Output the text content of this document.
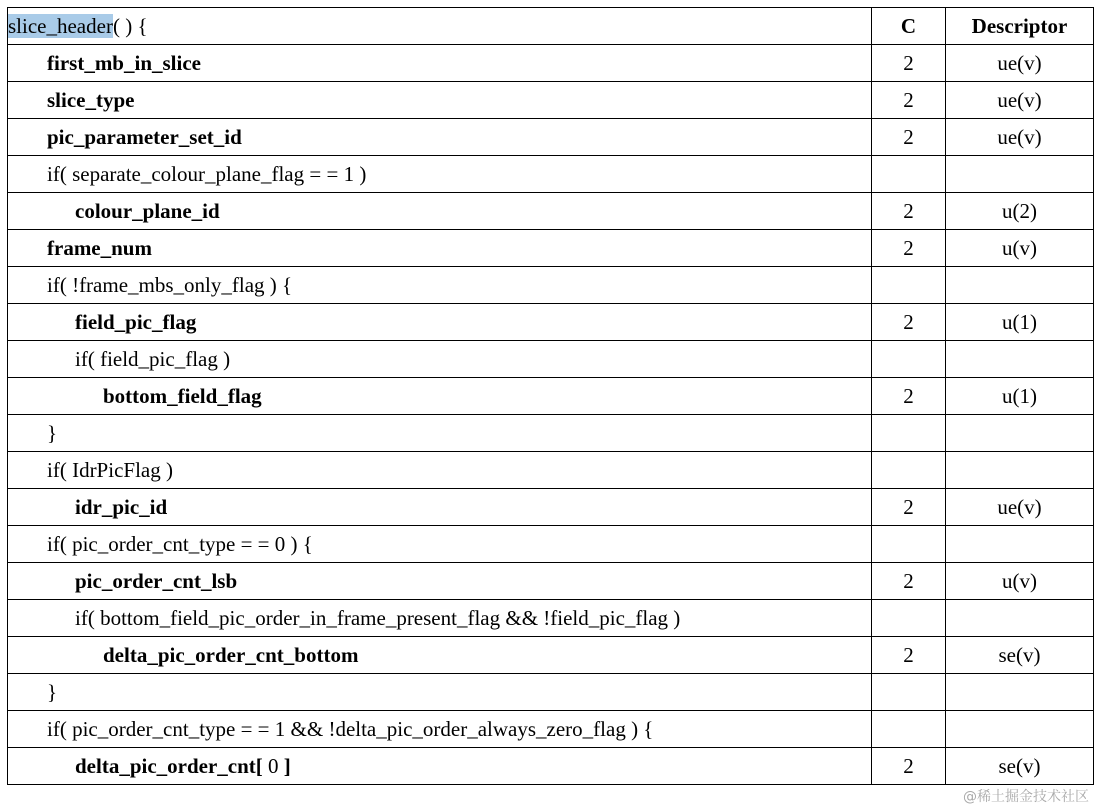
slice_header( ) {	C	Descriptor
first_mb_in_slice	2	ue(v)
slice_type	2	ue(v)
pic_parameter_set_id	2	ue(v)
if( separate_colour_plane_flag = = 1 )		
colour_plane_id	2	u(2)
frame_num	2	u(v)
if( !frame_mbs_only_flag ) {		
field_pic_flag	2	u(1)
if( field_pic_flag )		
bottom_field_flag	2	u(1)
}		
if( IdrPicFlag )		
idr_pic_id	2	ue(v)
if( pic_order_cnt_type = = 0 ) {		
pic_order_cnt_lsb	2	u(v)
if( bottom_field_pic_order_in_frame_present_flag && !field_pic_flag )		
delta_pic_order_cnt_bottom	2	se(v)
}		
if( pic_order_cnt_type = = 1 && !delta_pic_order_always_zero_flag ) {		
delta_pic_order_cnt[ 0 ]	2	se(v)
@稀土掘金技术社区
